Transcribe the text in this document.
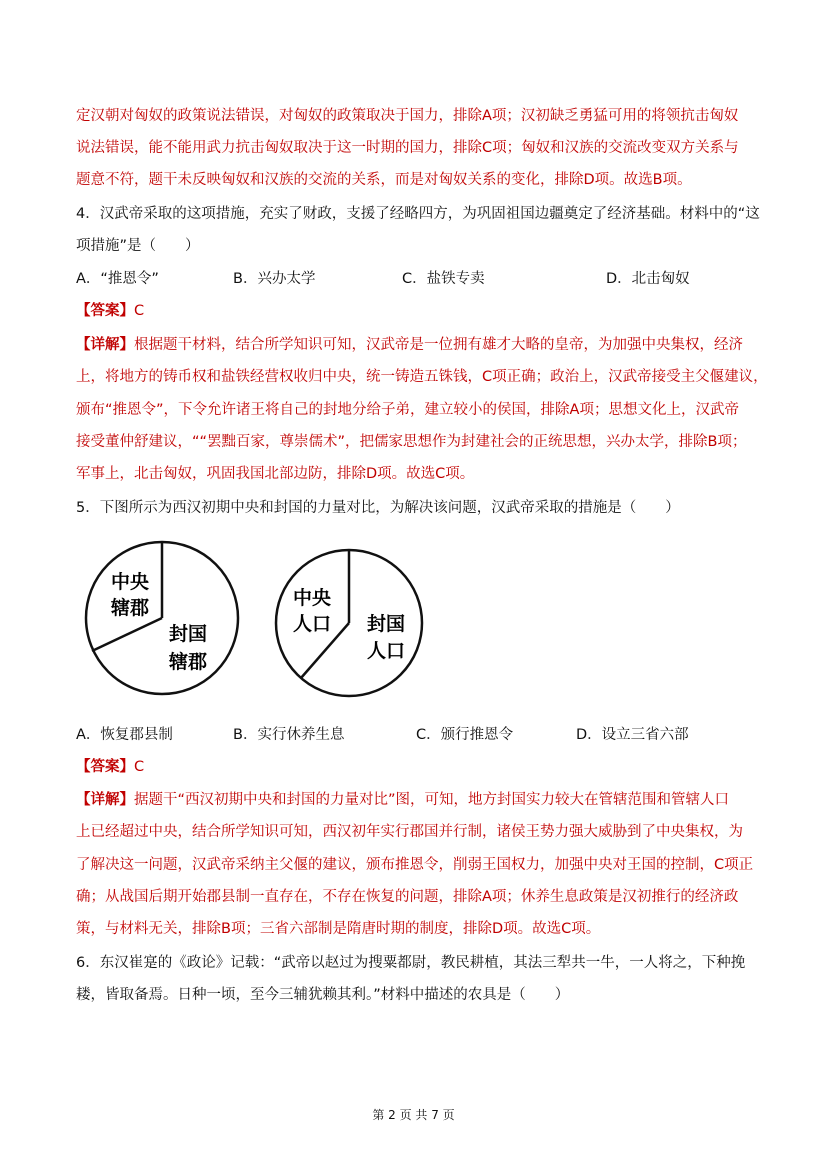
定汉朝对匈奴的政策说法错误，对匈奴的政策取决于国力，排除A项；汉初缺乏勇猛可用的将领抗击匈奴
说法错误，能不能用武力抗击匈奴取决于这一时期的国力，排除C项；匈奴和汉族的交流改变双方关系与
题意不符，题干未反映匈奴和汉族的交流的关系，而是对匈奴关系的变化，排除D项。故选B项。
4．汉武帝采取的这项措施，充实了财政，支援了经略四方，为巩固祖国边疆奠定了经济基础。材料中的“这
项措施”是（　　）
A．“推恩令”	B．兴办太学	C．盐铁专卖	D．北击匈奴
【答案】C
【详解】根据题干材料，结合所学知识可知，汉武帝是一位拥有雄才大略的皇帝，为加强中央集权，经济
上，将地方的铸币权和盐铁经营权收归中央，统一铸造五铢钱，C项正确；政治上，汉武帝接受主父偃建议，
颁布“推恩令”，下令允许诸王将自己的封地分给子弟，建立较小的侯国，排除A项；思想文化上，汉武帝
接受董仲舒建议，““罢黜百家，尊崇儒术”，把儒家思想作为封建社会的正统思想，兴办太学，排除B项；
军事上，北击匈奴，巩固我国北部边防，排除D项。故选C项。
5．下图所示为西汉初期中央和封国的力量对比，为解决该问题，汉武帝采取的措施是（　　）
中央
辖郡
封国
辖郡
中央
人口 封国
人口
A．恢复郡县制	B．实行休养生息	C．颁行推恩令	D．设立三省六部
【答案】C
【详解】据题干“西汉初期中央和封国的力量对比”图，可知，地方封国实力较大在管辖范围和管辖人口
上已经超过中央，结合所学知识可知，西汉初年实行郡国并行制，诸侯王势力强大威胁到了中央集权，为
了解决这一问题，汉武帝采纳主父偃的建议，颁布推恩令，削弱王国权力，加强中央对王国的控制，C项正
确；从战国后期开始郡县制一直存在，不存在恢复的问题，排除A项；休养生息政策是汉初推行的经济政
策，与材料无关，排除B项；三省六部制是隋唐时期的制度，排除D项。故选C项。
6．东汉崔寔的《政论》记载：“武帝以赵过为搜粟都尉，教民耕植，其法三犁共一牛，一人将之，下种挽
耧，皆取备焉。日种一顷，至今三辅犹赖其利。”材料中描述的农具是（　　）
第 2 页 共 7 页
